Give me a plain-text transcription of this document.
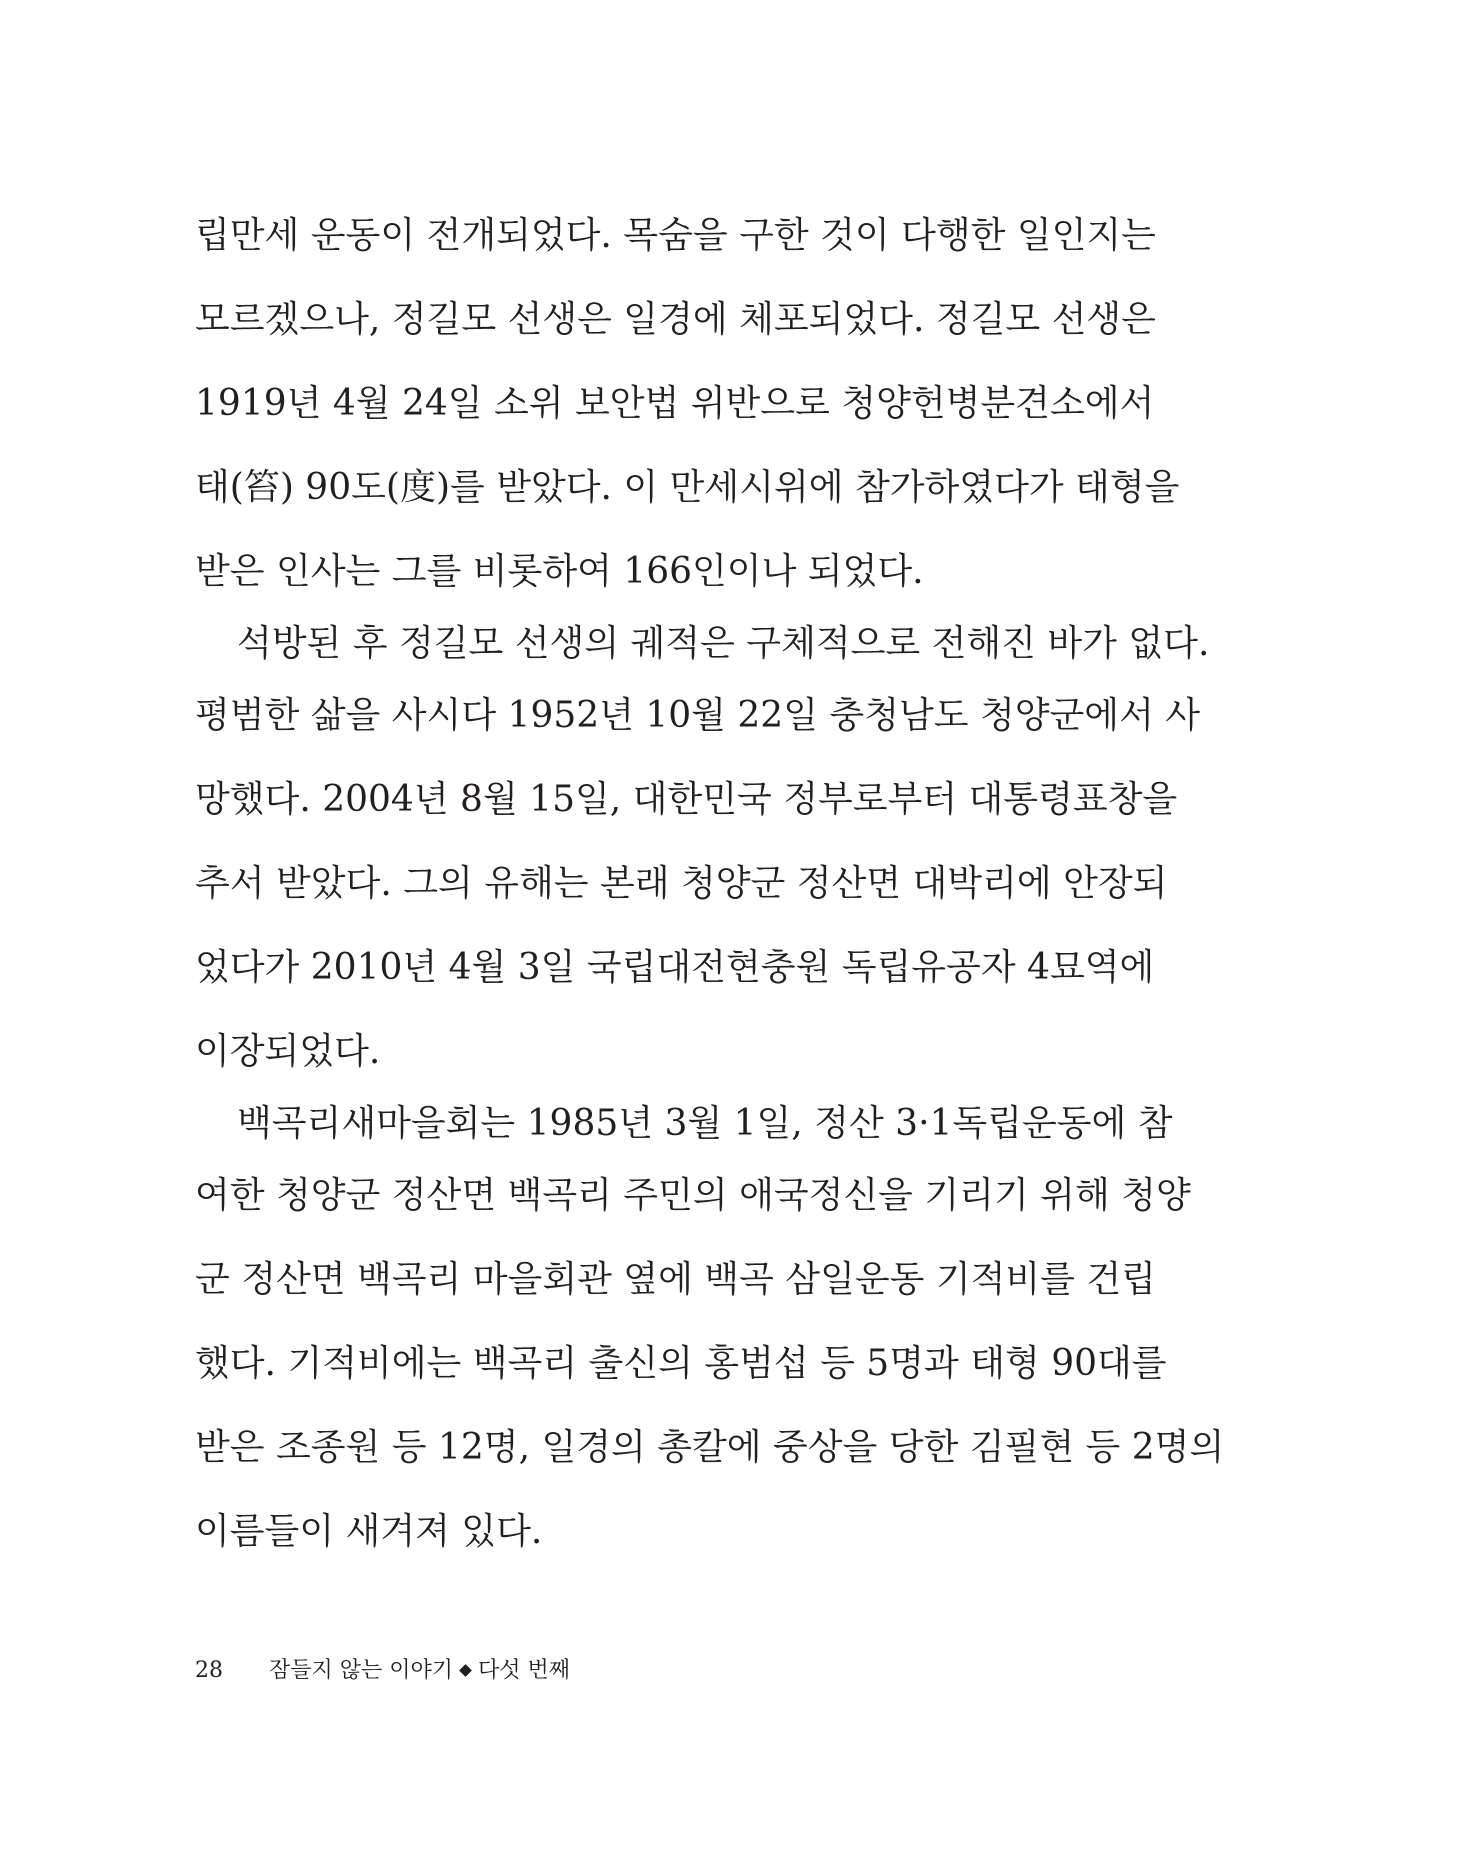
립만세 운동이 전개되었다. 목숨을 구한 것이 다행한 일인지는
모르겠으나, 정길모 선생은 일경에 체포되었다. 정길모 선생은
1919년 4월 24일 소위 보안법 위반으로 청양헌병분견소에서
태(笞) 90도(度)를 받았다. 이 만세시위에 참가하였다가 태형을
받은 인사는 그를 비롯하여 166인이나 되었다.
석방된 후 정길모 선생의 궤적은 구체적으로 전해진 바가 없다.
평범한 삶을 사시다 1952년 10월 22일 충청남도 청양군에서 사
망했다. 2004년 8월 15일, 대한민국 정부로부터 대통령표창을
추서 받았다. 그의 유해는 본래 청양군 정산면 대박리에 안장되
었다가 2010년 4월 3일 국립대전현충원 독립유공자 4묘역에
이장되었다.
백곡리새마을회는 1985년 3월 1일, 정산 3·1독립운동에 참
여한 청양군 정산면 백곡리 주민의 애국정신을 기리기 위해 청양
군 정산면 백곡리 마을회관 옆에 백곡 삼일운동 기적비를 건립
했다. 기적비에는 백곡리 출신의 홍범섭 등 5명과 태형 90대를
받은 조종원 등 12명, 일경의 총칼에 중상을 당한 김필현 등 2명의
이름들이 새겨져 있다.
28 잠들지 않는 이야기 다섯 번째
